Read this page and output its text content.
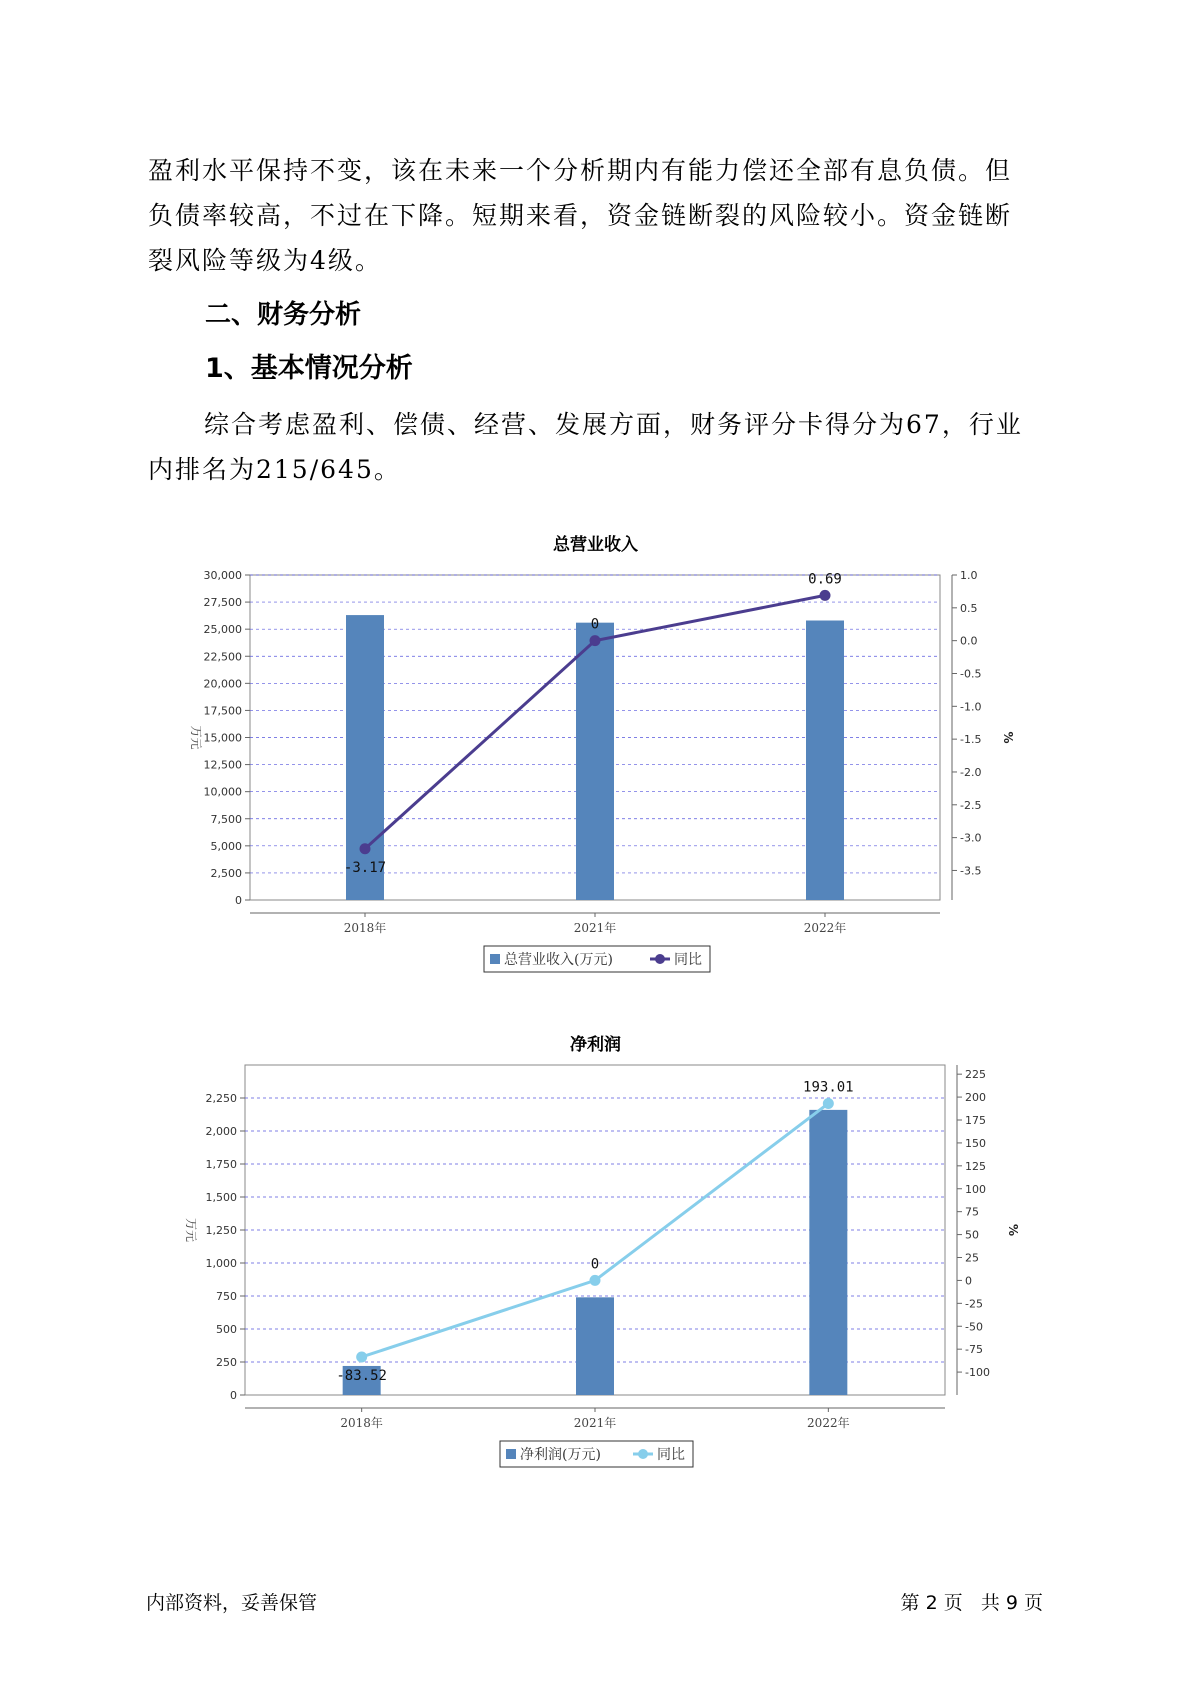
盈利水平保持不变，该在未来一个分析期内有能力偿还全部有息负债。但
负债率较高，不过在下降。短期来看，资金链断裂的风险较小。资金链断
裂风险等级为4级。
二、财务分析
1、基本情况分析
综合考虑盈利、偿债、经营、发展方面，财务评分卡得分为67，行业
内排名为215/645。
总营业收入
0
2,500
5,000
7,500
10,000
12,500
15,000
17,500
20,000
22,500
25,000
27,500
30,000	1.0
0.5
0.0
-0.5
-1.0
-1.5
-2.0
-2.5
-3.0
-3.5
万元	%
2018年	2021年	2022年
-3.17
0
0.69
总营业收入(万元)	同比
净利润
0
250
500
750
1,000
1,250
1,500
1,750
2,000
2,250
225
200
175
150
125
100
75
50
25
0
-25
-50
-75
-100
万元	%
2018年	2021年	2022年
-83.52
0
193.01
净利润(万元)	同比
内部资料，妥善保管	第 2 页   共 9 页
